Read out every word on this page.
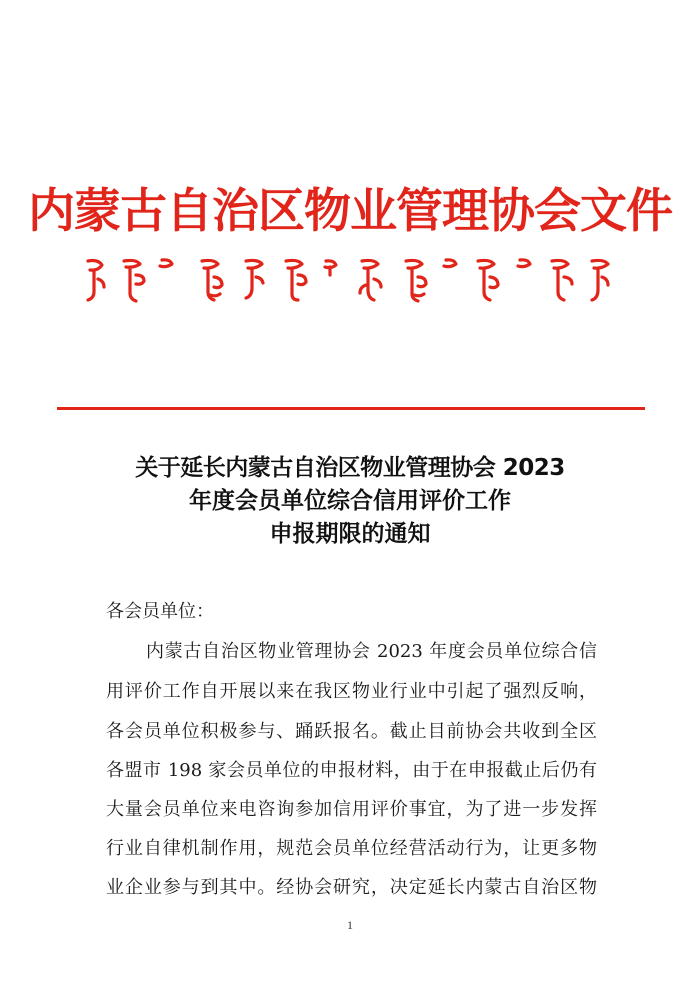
内蒙古自治区物业管理协会文件
关于延长内蒙古自治区物业管理协会 2023
年度会员单位综合信用评价工作
申报期限的通知
各会员单位：
内蒙古自治区物业管理协会 2023 年度会员单位综合信
用评价工作自开展以来在我区物业行业中引起了强烈反响，
各会员单位积极参与、踊跃报名。截止目前协会共收到全区
各盟市 198 家会员单位的申报材料，由于在申报截止后仍有
大量会员单位来电咨询参加信用评价事宜，为了进一步发挥
行业自律机制作用，规范会员单位经营活动行为，让更多物
业企业参与到其中。经协会研究，决定延长内蒙古自治区物
1
